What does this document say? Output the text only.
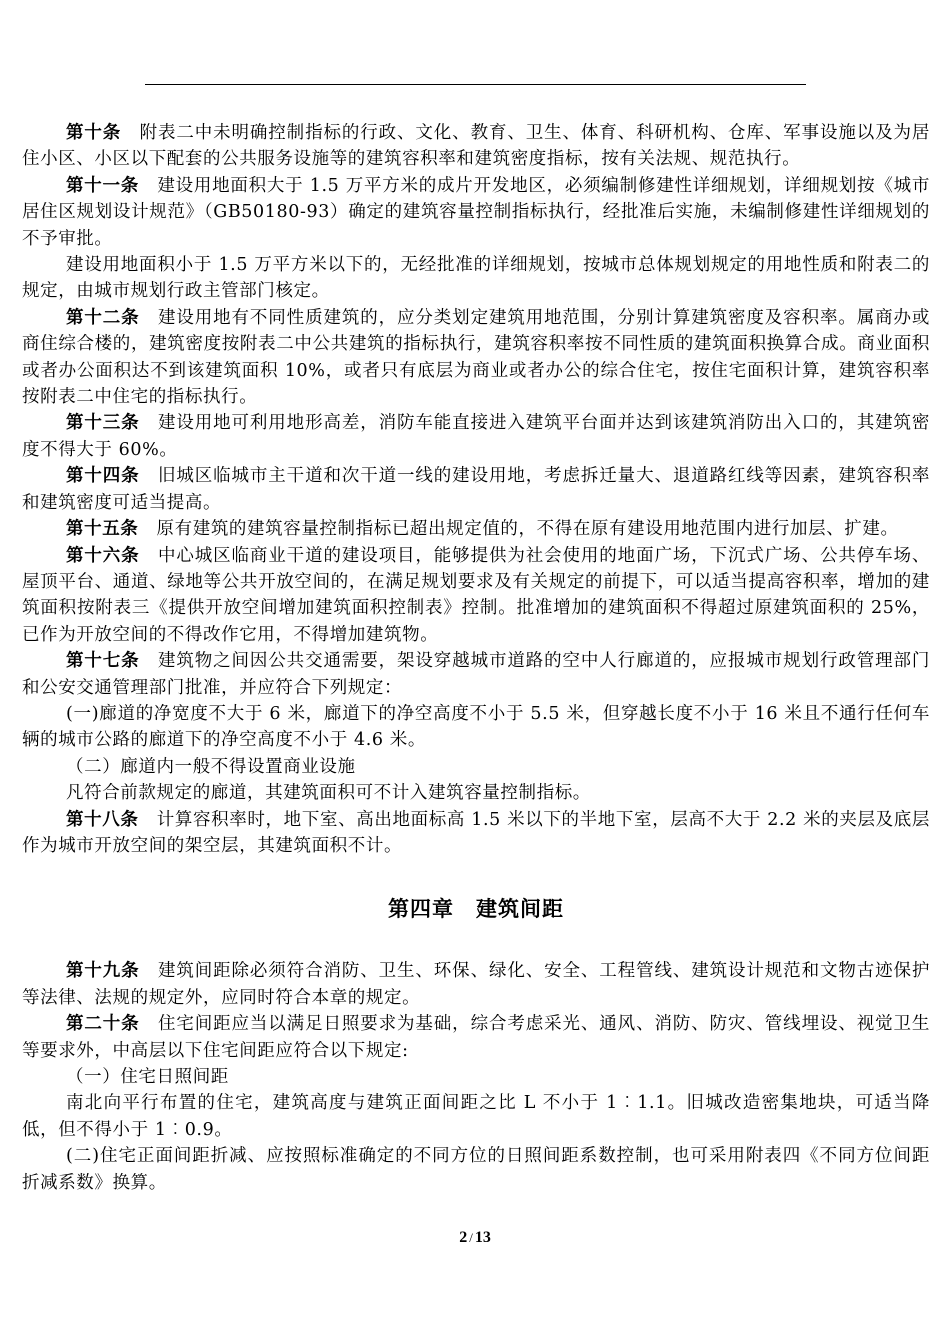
第十条  附表二中未明确控制指标的行政、文化、教育、卫生、体育、科研机构、仓库、军事设施以及为居住小区、小区以下配套的公共服务设施等的建筑容积率和建筑密度指标，按有关法规、规范执行。

第十一条  建设用地面积大于 1.5 万平方米的成片开发地区，必须编制修建性详细规划，详细规划按《城市居住区规划设计规范》（GB50180-93）确定的建筑容量控制指标执行，经批准后实施，未编制修建性详细规划的不予审批。

建设用地面积小于 1.5 万平方米以下的，无经批准的详细规划，按城市总体规划规定的用地性质和附表二的规定，由城市规划行政主管部门核定。

第十二条  建设用地有不同性质建筑的，应分类划定建筑用地范围，分别计算建筑密度及容积率。属商办或商住综合楼的，建筑密度按附表二中公共建筑的指标执行，建筑容积率按不同性质的建筑面积换算合成。商业面积或者办公面积达不到该建筑面积 10%，或者只有底层为商业或者办公的综合住宅，按住宅面积计算，建筑容积率按附表二中住宅的指标执行。

第十三条  建设用地可利用地形高差，消防车能直接进入建筑平台面并达到该建筑消防出入口的，其建筑密度不得大于 60%。

第十四条  旧城区临城市主干道和次干道一线的建设用地，考虑拆迁量大、退道路红线等因素，建筑容积率和建筑密度可适当提高。

第十五条  原有建筑的建筑容量控制指标已超出规定值的，不得在原有建设用地范围内进行加层、扩建。

第十六条  中心城区临商业干道的建设项目，能够提供为社会使用的地面广场，下沉式广场、公共停车场、屋顶平台、通道、绿地等公共开放空间的，在满足规划要求及有关规定的前提下，可以适当提高容积率，增加的建筑面积按附表三《提供开放空间增加建筑面积控制表》控制。批准增加的建筑面积不得超过原建筑面积的 25%，已作为开放空间的不得改作它用，不得增加建筑物。

第十七条  建筑物之间因公共交通需要，架设穿越城市道路的空中人行廊道的，应报城市规划行政管理部门和公安交通管理部门批准，并应符合下列规定：

(一)廊道的净宽度不大于 6 米，廊道下的净空高度不小于 5.5 米，但穿越长度不小于 16 米且不通行任何车辆的城市公路的廊道下的净空高度不小于 4.6 米。

（二）廊道内一般不得设置商业设施

凡符合前款规定的廊道，其建筑面积可不计入建筑容量控制指标。

第十八条  计算容积率时，地下室、高出地面标高 1.5 米以下的半地下室，层高不大于 2.2 米的夹层及底层作为城市开放空间的架空层，其建筑面积不计。

第四章 建筑间距

第十九条  建筑间距除必须符合消防、卫生、环保、绿化、安全、工程管线、建筑设计规范和文物古迹保护等法律、法规的规定外，应同时符合本章的规定。

第二十条  住宅间距应当以满足日照要求为基础，综合考虑采光、通风、消防、防灾、管线埋设、视觉卫生等要求外，中高层以下住宅间距应符合以下规定:

（一）住宅日照间距

南北向平行布置的住宅，建筑高度与建筑正面间距之比 L 不小于 1︰1.1。旧城改造密集地块，可适当降低，但不得小于 1︰0.9。

(二)住宅正面间距折减、应按照标准确定的不同方位的日照间距系数控制，也可采用附表四《不同方位间距折减系数》换算。

2 / 13
